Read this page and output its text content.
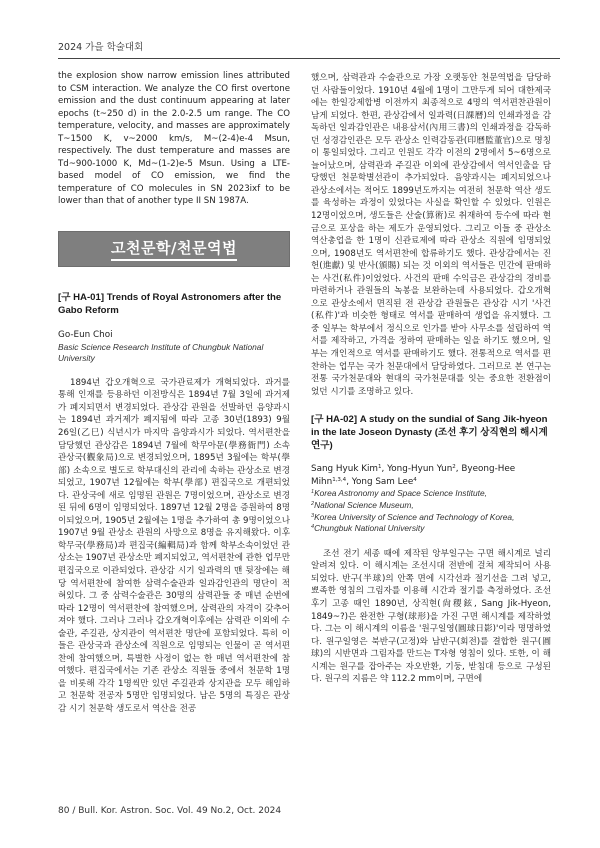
2024 가을 학술대회

the explosion show narrow emission lines attributed to CSM interaction. We analyze the CO first overtone emission and the dust continuum appearing at later epochs (t~250 d) in the 2.0-2.5 um range. The CO temperature, velocity, and masses are approximately T~1500 K, v~2000 km/s, M~(2-4)e-4 Msun, respectively. The dust temperature and masses are Td~900-1000 K, Md~(1-2)e-5 Msun. Using a LTE-based model of CO emission, we find the temperature of CO molecules in SN 2023ixf to be lower than that of another type II SN 1987A.

고천문학/천문역법

[구 HA-01] Trends of Royal Astronomers after the Gabo Reform

Go-Eun Choi

Basic Science Research Institute of Chungbuk National University

1894년 갑오개혁으로 국가관료제가 개혁되었다. 과거를 통해 인재를 등용하던 이전방식은 1894년 7월 3일에 과거제가 폐지되면서 변경되었다. 관상감 관원을 선발하던 음양과시는 1894년 과거제가 폐지됨에 따라 고종 30년(1893) 9월 26일(乙巳) 식년시가 마지막 음양과시가 되었다. 역서편찬을 담당했던 관상감은 1894년 7월에 학무아문(學務衙門) 소속 관상국(觀象局)으로 변경되었으며, 1895년 3월에는 학부(學部) 소속으로 별도로 학부대신의 관리에 속하는 관상소로 변경되었고, 1907년 12월에는 학부(學部) 편집국으로 개편되었다. 관상국에 새로 임명된 관원은 7명이었으며, 관상소로 변경된 뒤에 6명이 임명되었다. 1897년 12월 2명을 증원하여 8명이되었으며, 1905년 2월에는 1명을 추가하여 총 9명이었으나 1907년 9월 관상소 관원의 사망으로 8명을 유지해왔다. 이후 학무국(學務局)과 편집국(編輯局)과 함께 학부소속이었던 관상소는 1907년 관상소만 폐지되었고, 역서편찬에 관한 업무만 편집국으로 이관되었다. 관상감 시기 일과력의 맨 뒷장에는 해당 역서편찬에 참여한 삼력수술관과 일과감인관의 명단이 적혀있다. 그 중 삼력수술관은 30명의 삼력관들 중 매년 순번에 따라 12명이 역서편찬에 참여했으며, 삼력관의 자격이 갖추어 져야 했다. 그러나 그러나 갑오개혁이후에는 삼력관 이외에 수술관, 주길관, 상지관이 역서편찬 명단에 포함되었다. 특히 이들은 관상국과 관상소에 직원으로 임명되는 인물이 곧 역서편찬에 참여했으며, 특별한 사정이 없는 한 매년 역서편찬에 참여했다. 편집국에서는 기존 관상소 직원들 중에서 천문학 1명을 비롯해 각각 1명씩만 있던 주길관과 상지관을 모두 해임하고 천문학 전공자 5명만 임명되었다. 남은 5명의 특징은 관상감 시기 천문학 생도로서 역산을 전공

했으며, 삼력관과 수술관으로 가장 오랫동안 천문역법을 담당하던 사람들이었다. 1910년 4월에 1명이 그만두게 되어 대한제국에는 한일강제합병 이전까지 최종적으로 4명의 역서편찬관원이 남게 되었다. 한편, 관상감에서 일과력(日課曆)의 인쇄과정을 감독하던 일과감인관은 내용삼서(內用三書)의 인쇄과정을 감독하던 성경감인관은 모두 관상소 인력감동관(印曆監董官)으로 명칭이 통일되었다. 그리고 인원도 각각 이전의 2명에서 5~6명으로 늘어났으며, 삼력관과 주길관 이외에 관상감에서 역서인출을 담당했던 천문학별선관이 추가되었다. 음양과시는 폐지되었으나 관상소에서는 적어도 1899년도까지는 여전히 천문학 역산 생도를 육성하는 과정이 있었다는 사실을 확인할 수 있었다. 인원은 12명이었으며, 생도들은 산술(算術)로 취재하여 등수에 따라 현금으로 포상을 하는 제도가 운영되었다. 그리고 이들 중 관상소 역산총업을 한 1명이 신관료제에 따라 관상소 직원에 임명되었으며, 1908년도 역서편찬에 합류하기도 했다. 관상감에서는 진헌(進獻) 및 반사(頒賜) 되는 것 이외의 역서들은 민간에 판매하는 사건(私件)이었었다. 사건의 판매 수익금은 관상감의 경비를 마련하거나 관원들의 녹봉을 보완하는데 사용되었다. 갑오개혁으로 관상소에서 면직된 전 관상감 관원들은 관상감 시기 '사건(私件)'과 비슷한 형태로 역서를 판매하여 생업을 유지했다. 그 중 일부는 학부에서 정식으로 인가를 받아 사무소를 설립하여 역서를 제작하고, 가격을 정하여 판매하는 일을 하기도 했으며, 일부는 개인적으로 역서를 판매하기도 했다. 전통적으로 역서를 편찬하는 업무는 국가 천문대에서 담당하였다. 그러므로 본 연구는 전통 국가천문대와 현대의 국가천문대를 잇는 중요한 전환점이었던 시기를 조명하고 있다.

[구 HA-02] A study on the sundial of Sang Jik-hyeon in the late Joseon Dynasty (조선 후기 상직현의 해시계 연구)

Sang Hyuk Kim$^1$, Yong-Hyun Yun$^2$, Byeong-Hee
Mihn$^{1,3,4}$, Yong Sam Lee$^4$

$^1$Korea Astronomy and Space Science Institute,

$^2$National Science Museum,

$^3$Korea University of Science and Technology of Korea,

$^4$Chungbuk National University

조선 전기 세종 때에 제작된 앙부일구는 구면 해시계로 널리 알려져 있다. 이 해시계는 조선시대 전반에 걸쳐 제작되어 사용되었다. 반구(半球)의 안쪽 면에 시각선과 절기선을 그려 넣고, 뾰족한 영침의 그림자를 이용해 시간과 절기를 측정하였다. 조선 후기 고종 때인 1890년, 상직현(尙稷鉉, Sang Jik-Hyeon, 1849~?)은 완전한 구형(球形)을 가진 구면 해시계를 제작하였다. 그는 이 해시계의 이름을 '원구일영(圓球日影)'이라 명명하였다. 원구일영은 북반구(고정)와 남반구(회전)를 결합한 원구(圓球)의 시반면과 그림자를 만드는 T자형 영침이 있다. 또한, 이 해시계는 원구를 잡아주는 자오반환, 기둥, 받침대 등으로 구성된다. 원구의 지름은 약 112.2 mm이며, 구면에

80 / Bull. Kor. Astron. Soc. Vol. 49 No.2, Oct. 2024
